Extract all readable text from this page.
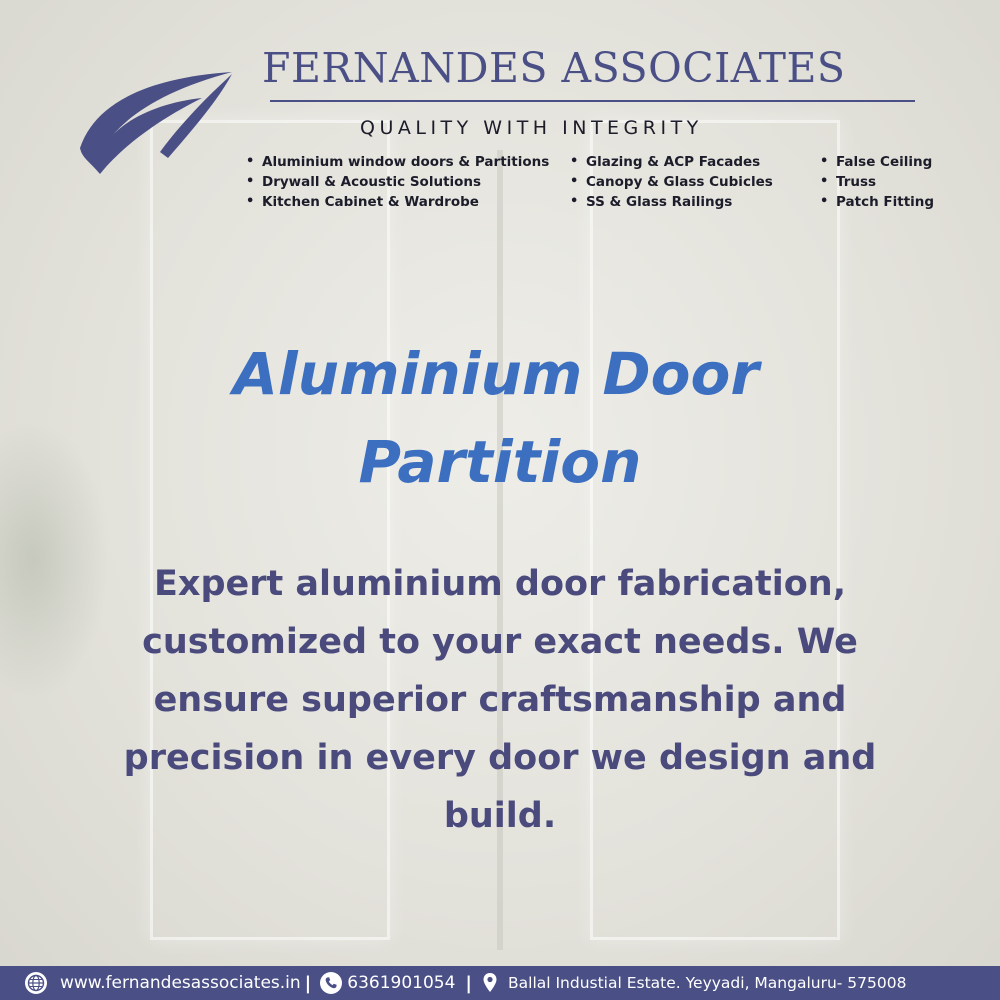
FERNANDES ASSOCIATES
QUALITY WITH INTEGRITY
• Aluminium window doors & Partitions
• Drywall & Acoustic Solutions
• Kitchen Cabinet & Wardrobe
• Glazing & ACP Facades
• Canopy & Glass Cubicles
• SS & Glass Railings
• False Ceiling
• Truss
• Patch Fitting
Aluminium Door
Partition
Expert aluminium door fabrication, customized to your exact needs. We ensure superior craftsmanship and precision in every door we design and build.
www.fernandesassociates.in | 6361901054 | Ballal Industial Estate. Yeyyadi, Mangaluru- 575008
